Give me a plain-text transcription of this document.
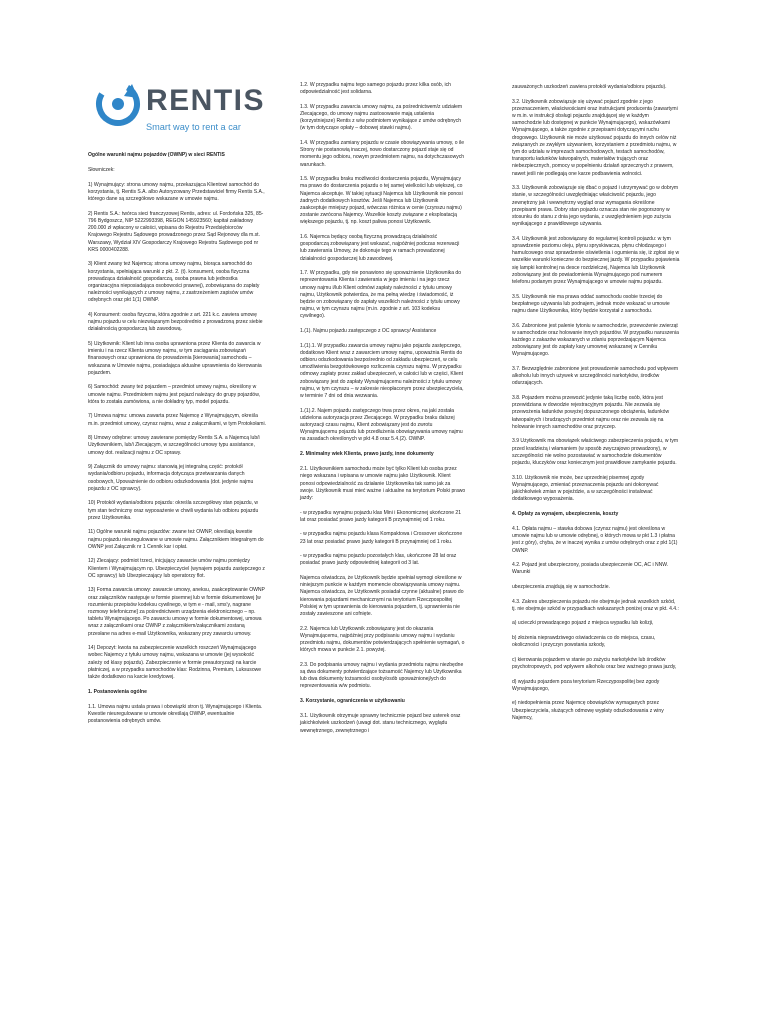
RENTIS
Smart way to rent a car

Ogólne warunki najmu pojazdów (OWNP) w sieci RENTIS

Słowniczek:

1) Wynajmujący: strona umowy najmu, przekazująca Klientowi samochód do korzystania, tj. Rentis S.A. albo Autoryzowany Przedstawiciel firmy Rentis S.A., którego dane są szczegółowo wskazane w umowie najmu.

2) Rentis S.A.: twórca sieci franczyzowej Rentis, adres: ul. Fordońska 325, 85-796 Bydgoszcz, NIP 5222993398, REGON 145923560; kapitał zakładowy 200.000 zł wpłacony w całości, wpisana do Rejestru Przedsiębiorców Krajowego Rejestru Sądowego prowadzonego przez Sąd Rejonowy dla m.st. Warszawy, Wydział XIV Gospodarczy Krajowego Rejestru Sądowego pod nr KRS 0000402288.

3) Klient zwany też Najemcą: strona umowy najmu, biorąca samochód do korzystania, spełniająca warunki z pkt. 2. (t). konsument, osoba fizyczna prowadząca działalność gospodarczą, osoba prawna lub jednostka organizacyjna nieposiadająca osobowości prawnej), zobowiązana do zapłaty należności wynikających z umowy najmu, z zastrzeżeniem zapisów umów odrębnych oraz pkt 1(1) OWNP.

4) Konsument: osoba fizyczna, która zgodnie z art. 221 k.c. zawiera umowę najmu pojazdu w celu niezwiązanym bezpośrednio z prowadzoną przez siebie działalnością gospodarczą lub zawodową.

5) Użytkownik: Klient lub inna osoba uprawniona przez Klienta do zawarcia w imieniu i na rzecz Klienta umowy najmu, w tym zaciągania zobowiązań finansowych oraz uprawniona do prowadzenia [kierowania] samochodu – wskazana w Umowie najmu, posiadająca aktualne uprawnienia do kierowania pojazdem.

6) Samochód: zwany też pojazdem – przedmiot umowy najmu, określony w umowie najmu. Przedmiotem najmu jest pojazd należący do grupy pojazdów, która to została zamówiona, a nie dokładny typ, model pojazdu.

7) Umowa najmu: umowa zawarta przez Najemcę z Wynajmującym, określa m.in. przedmiot umowy, czynsz najmu, wraz z załącznikami, w tym Protokołami.

8) Umowy odrębne: umowy zawierane pomiędzy Rentis S.A. a Najemcą lub/i Użytkownikiem, lub/i Zlecającym, w szczególności umowy typu assistance, umowy dot. realizacji najmu z OC sprawy.

9) Załącznik do umowy najmu: stanowią jej integralną część: protokół wydania/odbioru pojazdu, informacja dotycząca przetwarzania danych osobowych, Upoważnienie do odbioru odszkodowania (dot. jedynie najmu pojazdu z OC sprawcy).

10) Protokół wydania/odbioru pojazdu: określa szczegółowy stan pojazdu, w tym stan techniczny oraz wyposażenie w chwili wydania lub odbioru pojazdu przez Użytkownika.

11) Ogólne warunki najmu pojazdów: zwane też OWNP, określają kwestie najmu pojazdu nieuregulowane w umowie najmu. Załącznikiem integralnym do OWNP jest Załącznik nr 1 Cennik kar i opłat.

12) Zlecający: podmiot trzeci, inicjujący zawarcie umów najmu pomiędzy Klientem i Wynajmującym np. Ubezpieczyciel (wynajem pojazdu zastępczego z OC sprawcy) lub Ubezpieczający lub operatorzy flot.

13) Forma zawarcia umowy: zawarcie umowy, aneksu, zaakceptowanie OWNP oraz załączników następuje w formie pisemnej lub w formie dokumentowej [w rozumieniu przepisów kodeksu cywilnego, w tym e - mail, sms'y, nagrane rozmowy telefoniczne] za pośrednictwem urządzenia elektronicznego – np. tabletu Wynajmującego. Po zawarciu umowy w formie dokumentowej, umowa wraz z załącznikami oraz OWNP z załącznikiem/załącznikami zostaną przesłane na adres e-mail Użytkownika, wskazany przy zawarciu umowy.

14) Depozyt: kwota na zabezpieczenie wszelkich roszczeń Wynajmującego wobec Najemcy z tytułu umowy najmu, wskazana w umowie (jej wysokość zależy od klasy pojazdu). Zabezpieczenie w formie preautoryzacji na karcie płatniczej, a w przypadku samochodów klas: Rodzinna, Premium, Luksusowe także dodatkowo na karcie kredytowej.

1. Postanowienia ogólne

1.1. Umowa najmu ustala prawa i obowiązki stron tj. Wynajmującego i Klienta. Kwestie nieuregulowane w umowie określają OWNP, ewentualnie postanowienia odrębnych umów.

1.2. W przypadku najmu tego samego pojazdu przez kilka osób, ich odpowiedzialność jest solidarna.

1.3. W przypadku zawarcia umowy najmu, za pośrednictwem/z udziałem Zlecającego, do umowy najmu zastosowanie mają ustalenia (korzystniejsze) Rentis z w/w podmiotem wynikające z umów odrębnych (w tym dotyczące opłaty – dobowej stawki najmu).

1.4. W przypadku zamiany pojazdu w czasie obowiązywania umowy, o ile Strony nie postanowią inaczej, nowo dostarczony pojazd staje się od momentu jego odbioru, nowym przedmiotem najmu, na dotychczasowych warunkach.

1.5. W przypadku braku możliwości dostarczenia pojazdu, Wynajmujący ma prawo do dostarczenia pojazdu o tej samej wielkości lub większej, co Najemca akceptuje. W takiej sytuacji Najemca lub Użytkownik nie ponosi żadnych dodatkowych kosztów. Jeśli Najemca lub Użytkownik zaakceptuje mniejszy pojazd, wówczas różnica w cenie (czynszu najmu) zostanie zwrócona Najemcy. Wszelkie koszty związane z eksploatacją większego pojazdu, tj. np. koszt paliwa ponosi Użytkownik.

1.6. Najemca będący osobą fizyczną prowadzącą działalność gospodarczą zobowiązany jest wskazać, najpóźniej podczas rezerwacji lub zawierania Umowy, że dokonuje tego w ramach prowadzonej działalności gospodarczej lub zawodowej.

1.7. W przypadku, gdy nie ponawiono się upoważnienie Użytkownika do reprezentowania Klienta i zawierania w jego imieniu i na jego rzecz umowy najmu i/lub Klient odmówi zapłaty należności z tytułu umowy najmu, Użytkownik potwierdza, że ma pełną wiedzę i świadomość, iż będzie on zobowiązany do zapłaty wszelkich należności z tytułu umowy najmu, w tym czynszu najmu (m.in. zgodnie z art. 103 kodeksu cywilnego).

1.(1). Najmu pojazdu zastępczego z OC sprawcy/ Assistance

1.(1).1. W przypadku zawarcia umowy najmu jako pojazdu zastępczego, dodatkowo Klient wraz z zawarciem umowy najmu, upoważnia Rentis do odbioru odszkodowania bezpośrednio od zakładu ubezpieczeń, w celu umożliwienia bezgotówkowego rozliczenia czynszu najmu. W przypadku odmowy zapłaty przez zakład ubezpieczeń, w całości lub w części, Klient zobowiązany jest do zapłaty Wynajmującemu należności z tytułu umowy najmu, w tym czynszu – w zakresie nieopłaconym przez ubezpieczyciela, w terminie 7 dni od dnia wezwania.

1.(1).2. Najem pojazdu zastępczego trwa przez okres, na jaki została udzielona autoryzacja przez Zlecającego. W przypadku braku dalszej autoryzacji czasu najmu, Klient zobowiązany jest do zwrotu Wynajmującemu pojazdu lub przedłużenia obowiązywania umowy najmu na zasadach określonych w pkt 4.8 oraz 5.4.(2). OWNP.

2. Minimalny wiek Klienta, prawo jazdy, inne dokumenty

2.1. Użytkownikiem samochodu może być tylko Klient lub osoba przez niego wskazana i wpisana w umowie najmu jako Użytkownik. Klient ponosi odpowiedzialność za działanie Użytkownika tak samo jak za swoje. Użytkownik musi mieć ważne i aktualne na terytorium Polski prawo jazdy:

- w przypadku wynajmu pojazdu klas Mini i Ekonomicznej ukończone 21 lat oraz posiadać prawo jazdy kategorii B przynajmniej od 1 roku.

- w przypadku najmu pojazdu klasa Kompaktowa i Crossover ukończone 23 lat oraz posiadać prawo jazdy kategorii B przynajmniej od 1 roku.

- w przypadku najmu pojazdu pozostałych klas, ukończone 28 lat oraz posiadać prawo jazdy odpowiedniej kategorii od 3 lat.

Najemca oświadcza, że Użytkownik będzie spełniał wymogi określone w niniejszym punkcie w każdym momencie obowiązywania umowy najmu. Najemca oświadcza, że Użytkownik posiadał czynne (aktualne) prawo do kierowania pojazdami mechanicznymi na terytorium Rzeczpospolitej Polskiej w tym uprawnienia do kierowania pojazdem, tj. uprawnienia nie zostały zawieszone ani cofnięte.

2.2. Najemca lub Użytkownik zobowiązany jest do okazania Wynajmującemu, najpóźniej przy podpisaniu umowy najmu i wydaniu przedmiotu najmu, dokumentów potwierdzających spełnienie wymagań, o których mowa w punkcie 2.1. powyżej.

2.3. Do podpisania umowy najmu i wydania przedmiotu najmu niezbędne są dwa dokumenty potwierdzające tożsamość Najemcy lub Użytkownika lub dwa dokumenty tożsamości osoby/osób upoważnionej/ych do reprezentowania w/w podmiotu.

3. Korzystanie, ograniczenia w użytkowaniu

3.1. Użytkownik otrzymuje sprawny technicznie pojazd bez usterek oraz jakichkolwiek uszkodzeń (uwagi dot. stanu technicznego, wyglądu wewnętrznego, zewnętrznego i

zauważonych uszkodzeń zawiera protokół wydania/odbioru pojazdu).

3.2. Użytkownik zobowiązuje się używać pojazd zgodnie z jego przeznaczeniem, właściwościami oraz instrukcjami producenta (zawartymi w m.in. w instrukcji obsługi pojazdu znajdującej się w każdym samochodzie lub dostępnej w punkcie Wynajmującego), wskazówkami Wynajmującego, a także zgodnie z przepisami dotyczącymi ruchu drogowego. Użytkownik nie może użytkować pojazdu do innych celów niż związanych ze zwykłym używaniem, korzystaniem z przedmiotu najmu, w tym do udziału w imprezach samochodowych, testach samochodów, transportu ładunków łatwopalnych, materiałów trujących oraz niebezpiecznych, pomocy w popełnieniu działań sprzecznych z prawem, nawet jeśli nie podlegają one karze podbawienia wolności.

3.3. Użytkownik zobowiązuje się dbać o pojazd i utrzymywać go w dobrym stanie, w szczególności uwzględniając właściwość pojazdu, jego zewnętrzny jak i wewnętrzny wygląd oraz wymagania określone przepisami prawa. Dobry stan pojazdu oznacza stan nie pogorszony w stosunku do stanu z dnia jego wydania, z uwzględnieniem jego zużycia wynikającego z prawidłowego używania.

3.4. Użytkownik jest zobowiązany do regularnej kontroli pojazdu: w tym sprawdzenie poziomu oleju, płynu spryskiwacza, płynu chłodzącego i hamulcowego oraz sprawdzenie oświetlenia i ogumienia się, iż zgłosi się w wszelkie warunki konieczne do bezpiecznej jazdy. W przypadku pojawienia się lampki kontrolnej na desce rozdzielczej, Najemca lub Użytkownik zobowiązany jest do powiadomienia Wynajmującego pod numerem telefonu podanym przez Wynajmującego w umowie najmu pojazdu.

3.5. Użytkownik nie ma prawa oddać samochodu osobie trzeciej do bezpłatnego używania lub podnajem, jednak może wskazać w umowie najmu dane Użytkownika, który będzie korzystał z samochodu.

3.6. Zabronione jest palenie tytoniu w samochodzie, przewożenie zwierząt w samochodzie oraz holowanie innych pojazdów. W przypadku naruszenia każdego z zakazów wskazanych w zdaniu poprzedzającym Najemca zobowiązany jest do zapłaty kary umownej wskazanej w Cenniku Wynajmującego.

3.7. Bezwzględnie zabronione jest prowadzenie samochodu pod wpływem alkoholu lub innych używek w szczególności narkotyków, środków odurzających.

3.8. Pojazdem można przewozić jedynie taką liczbę osób, która jest przewidziana w dowodzie rejestracyjnym pojazdu. Nie zezwala się przewożenia ładunków powyżej dopuszczonego obciążenia, ładunków łatwopalnych i brudzących przedmiot najmu oraz nie zezwala się na holowanie innych samochodów oraz przyczep.

3.9 Użytkownik ma obowiązek właściwego zabezpieczenia pojazdu, w tym przed kradzieżą i włamaniem (w sposób zwyczajowo prowadzony), w szczególności nie wolno pozostawiać w samochodzie dokumentów pojazdu, kluczyków oraz koniecznym jest prawidłowe zamykanie pojazdu.

3.10. Użytkownik nie może, bez uprzedniej pisemnej zgody Wynajmującego, zmieniać przeznaczenia pojazdu ani dokonywać jakichkolwiek zmian w pojeździe, a w szczególności instalować dodatkowego wyposażenia.

4. Opłaty za wynajem, ubezpieczenia, koszty

4.1. Opłata najmu – stawka dobowa (czynsz najmu) jest określona w umowie najmu lub w umowie odrębnej, o których mowa w pkt 1.3 i płatna jest z góry), chyba, że w inaczej wynika z umów odrębnych oraz z pkt 1(1) OWNP.

4.2. Pojazd jest ubezpieczony, posiada ubezpieczenie OC, AC i NNW. Warunki

ubezpieczenia znajdują się w samochodzie.

4.3. Zakres ubezpieczenia pojazdu nie obejmuje jednak wszelkich szkód, tj. nie obejmuje szkód w przypadkach wskazanych poniżej oraz w pkt. 4.4.:

a) ucieczki prowadzącego pojazd z miejsca wypadku lub kolizji,

b) złożenia nieprawdziwego oświadczenia co do miejsca, czasu, okoliczności i przyczyn powstania szkody,

c) kierowania pojazdem w stanie po zażyciu narkotyków lub środków psychotropowych, pod wpływem alkoholu oraz bez ważnego prawa jazdy,

d) wyjazdu pojazdem poza terytorium Rzeczypospolitej bez zgody Wynajmującego,

e) niedopełnienia przez Najemcę obowiązków wymaganych przez Ubezpieczyciela, służących odmowę wypłaty odszkodowania z winy Najemcy,
